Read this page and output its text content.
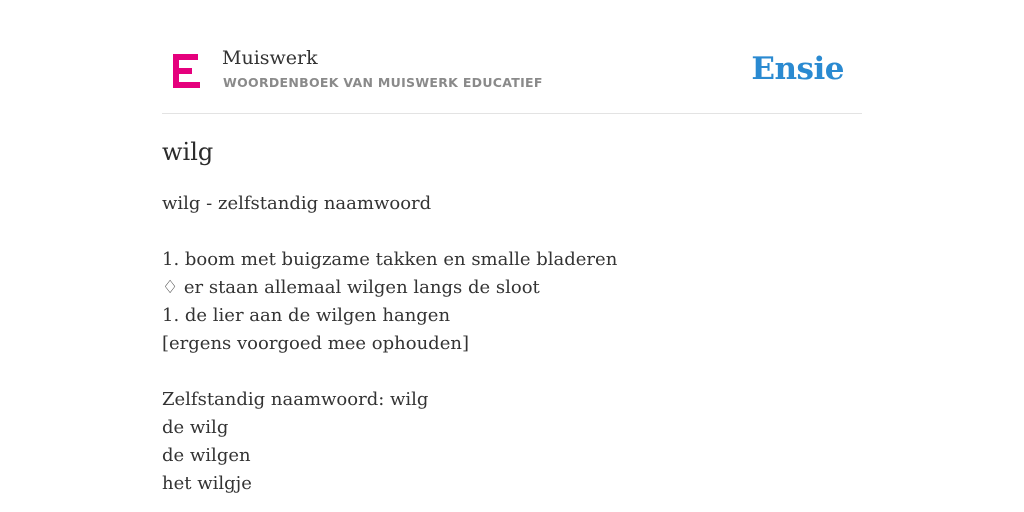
Muiswerk
WOORDENBOEK VAN MUISWERK EDUCATIEF	Ensie
wilg
wilg - zelfstandig naamwoord
1. boom met buigzame takken en smalle bladeren
♢ er staan allemaal wilgen langs de sloot
1. de lier aan de wilgen hangen
[ergens voorgoed mee ophouden]
Zelfstandig naamwoord: wilg
de wilg
de wilgen
het wilgje
